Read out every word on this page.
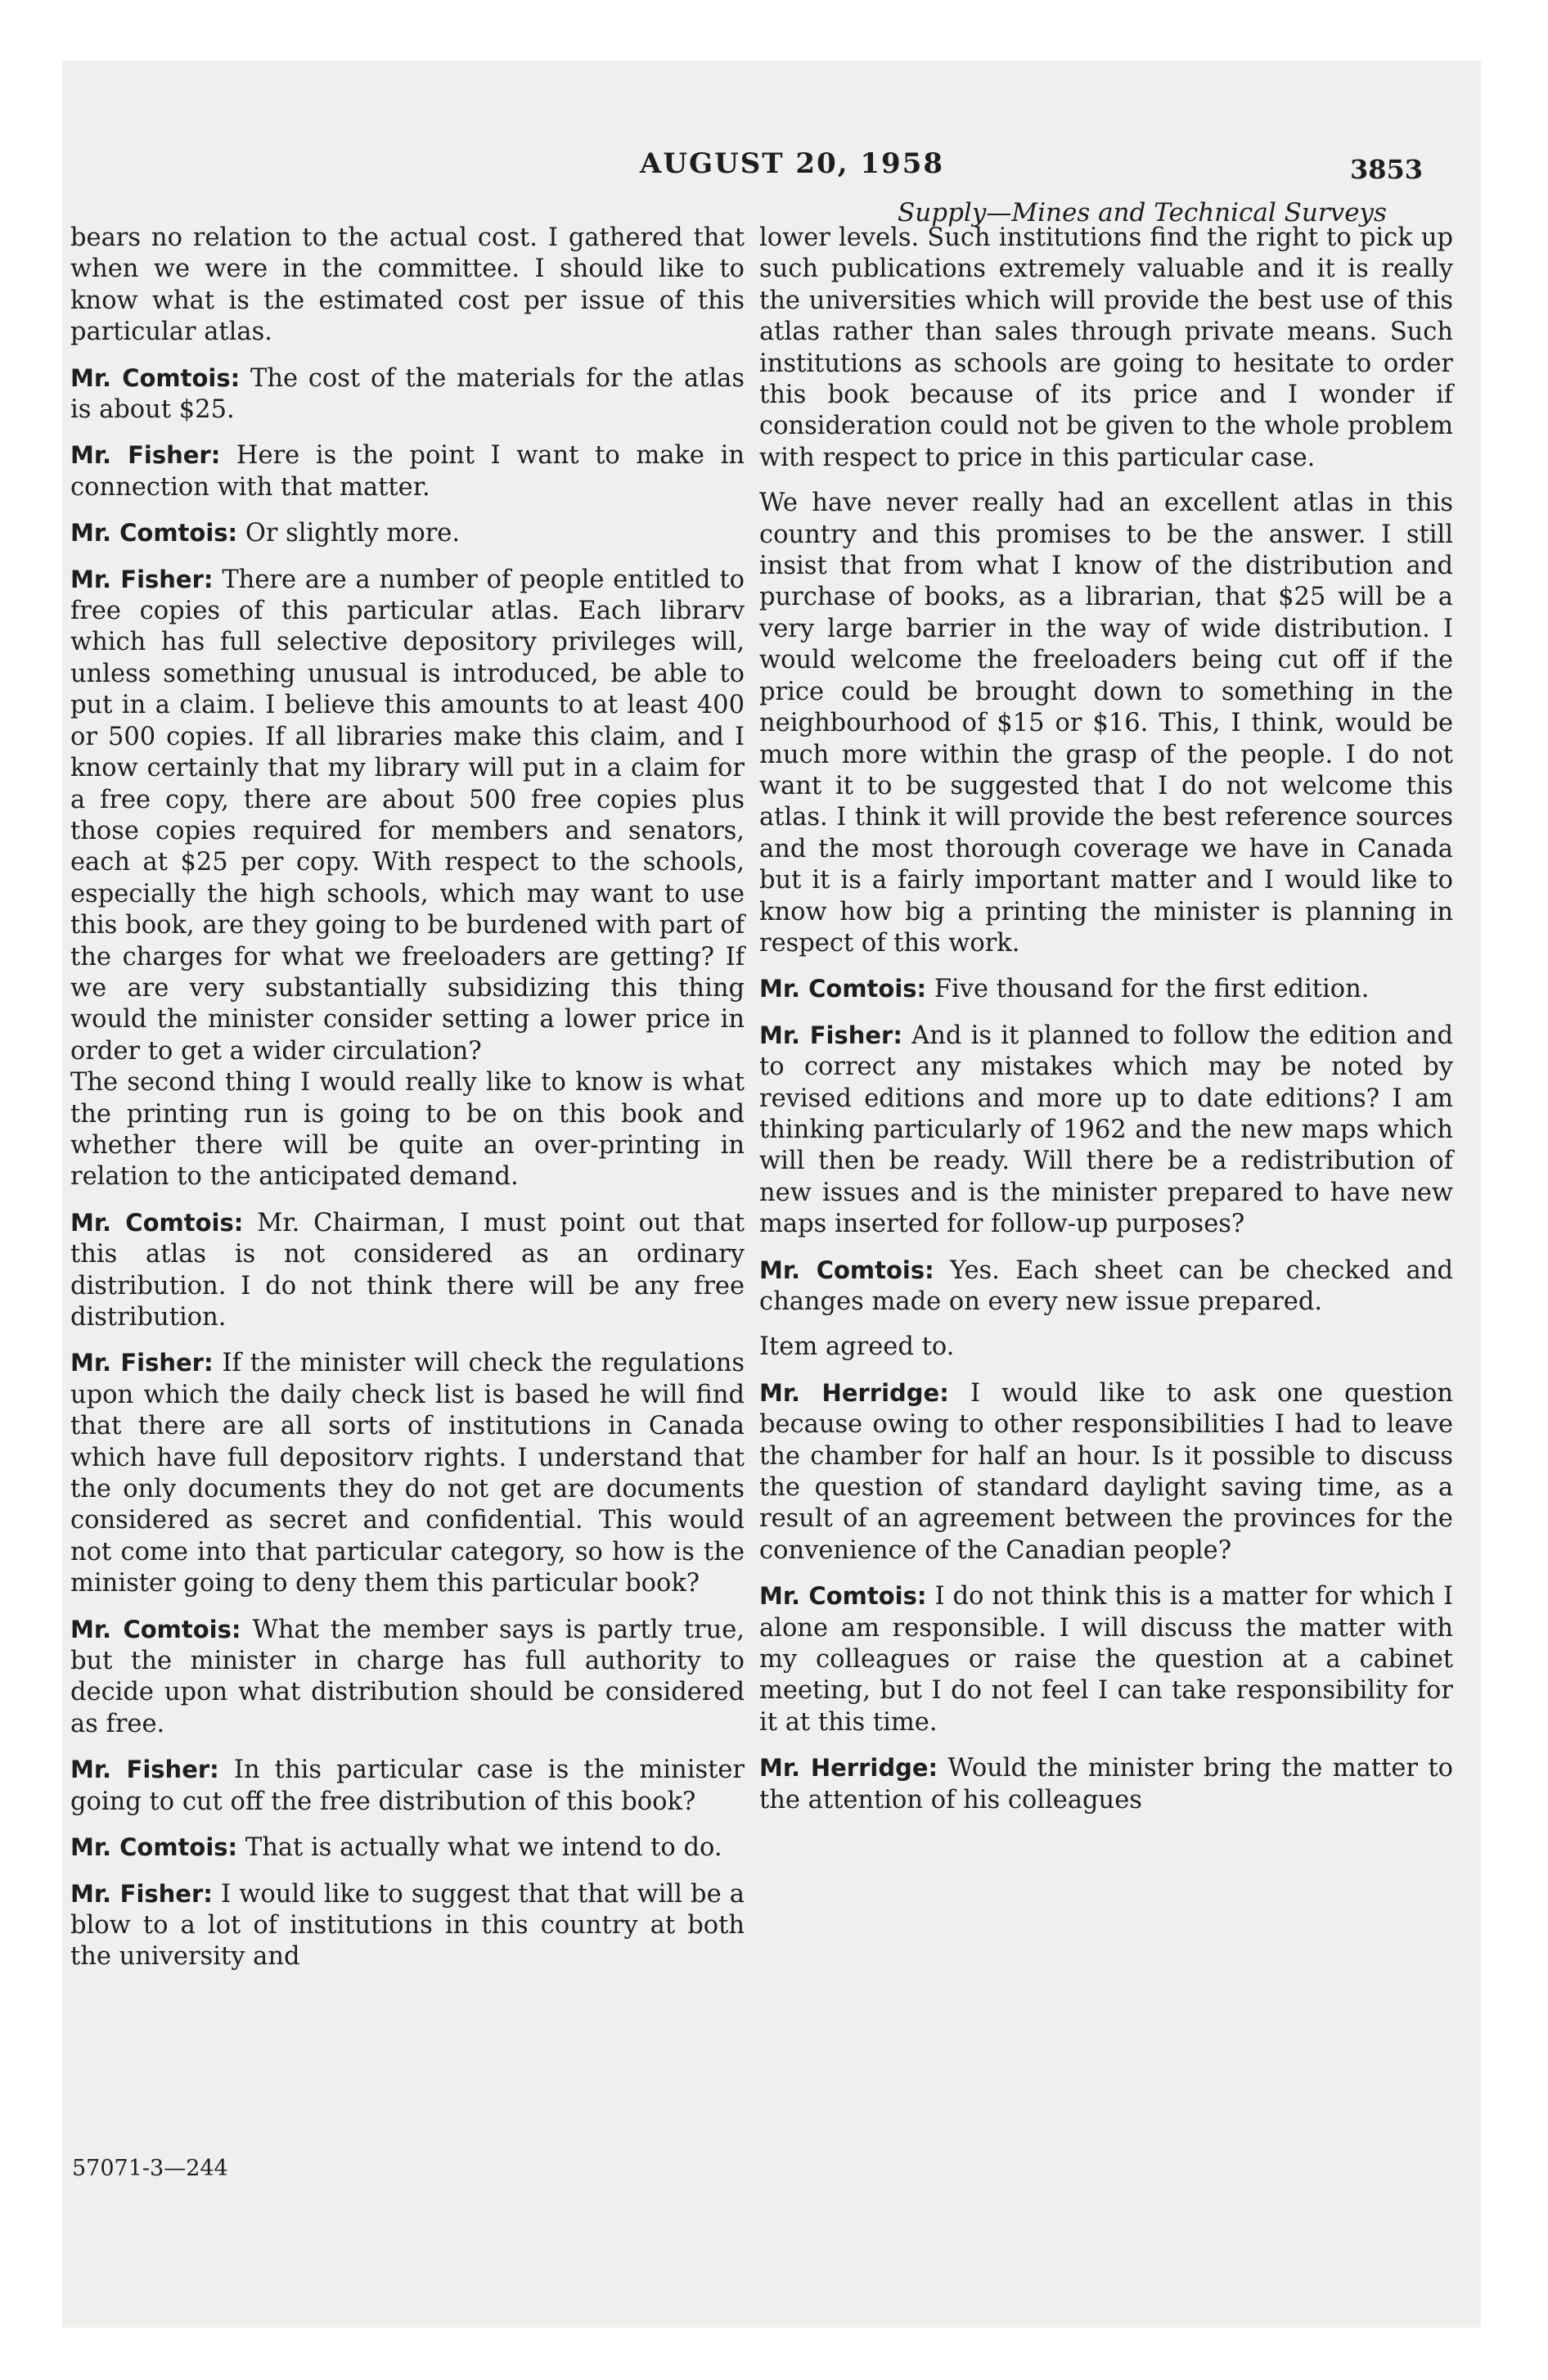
AUGUST 20, 1958	3853
Supply—Mines and Technical Surveys

bears no relation to the actual cost. I gathered that when we were in the committee. I should like to know what is the estimated cost per issue of this particular atlas.

Mr. Comtois: The cost of the materials for the atlas is about $25.

Mr. Fisher: Here is the point I want to make in connection with that matter.

Mr. Comtois: Or slightly more.

Mr. Fisher: There are a number of people entitled to free copies of this particular atlas. Each librarv which has full selective depository privileges will, unless something unusual is introduced, be able to put in a claim. I believe this amounts to at least 400 or 500 copies. If all libraries make this claim, and I know certainly that my library will put in a claim for a free copy, there are about 500 free copies plus those copies required for members and senators, each at $25 per copy. With respect to the schools, especially the high schools, which may want to use this book, are they going to be burdened with part of the charges for what we freeloaders are getting? If we are very substantially subsidizing this thing would the minister consider setting a lower price in order to get a wider circulation?

The second thing I would really like to know is what the printing run is going to be on this book and whether there will be quite an over-printing in relation to the anticipated demand.

Mr. Comtois: Mr. Chairman, I must point out that this atlas is not considered as an ordinary distribution. I do not think there will be any free distribution.

Mr. Fisher: If the minister will check the regulations upon which the daily check list is based he will find that there are all sorts of institutions in Canada which have full depositorv rights. I understand that the only documents they do not get are documents considered as secret and confidential. This would not come into that particular category, so how is the minister going to deny them this particular book?

Mr. Comtois: What the member says is partly true, but the minister in charge has full authority to decide upon what distribution should be considered as free.

Mr. Fisher: In this particular case is the minister going to cut off the free distribution of this book?

Mr. Comtois: That is actually what we intend to do.

Mr. Fisher: I would like to suggest that that will be a blow to a lot of institutions in this country at both the university and

lower levels. Such institutions find the right to pick up such publications extremely valuable and it is really the universities which will provide the best use of this atlas rather than sales through private means. Such institutions as schools are going to hesitate to order this book because of its price and I wonder if consideration could not be given to the whole problem with respect to price in this particular case.

We have never really had an excellent atlas in this country and this promises to be the answer. I still insist that from what I know of the distribution and purchase of books, as a librarian, that $25 will be a very large barrier in the way of wide distribution. I would welcome the freeloaders being cut off if the price could be brought down to something in the neighbourhood of $15 or $16. This, I think, would be much more within the grasp of the people. I do not want it to be suggested that I do not welcome this atlas. I think it will provide the best reference sources and the most thorough coverage we have in Canada but it is a fairly important matter and I would like to know how big a printing the minister is planning in respect of this work.

Mr. Comtois: Five thousand for the first edition.

Mr. Fisher: And is it planned to follow the edition and to correct any mistakes which may be noted by revised editions and more up to date editions? I am thinking particularly of 1962 and the new maps which will then be ready. Will there be a redistribution of new issues and is the minister prepared to have new maps inserted for follow-up purposes?

Mr. Comtois: Yes. Each sheet can be checked and changes made on every new issue prepared.

Item agreed to.

Mr. Herridge: I would like to ask one question because owing to other responsibilities I had to leave the chamber for half an hour. Is it possible to discuss the question of standard daylight saving time, as a result of an agreement between the provinces for the convenience of the Canadian people?

Mr. Comtois: I do not think this is a matter for which I alone am responsible. I will discuss the matter with my colleagues or raise the question at a cabinet meeting, but I do not feel I can take responsibility for it at this time.

Mr. Herridge: Would the minister bring the matter to the attention of his colleagues

57071-3—244
